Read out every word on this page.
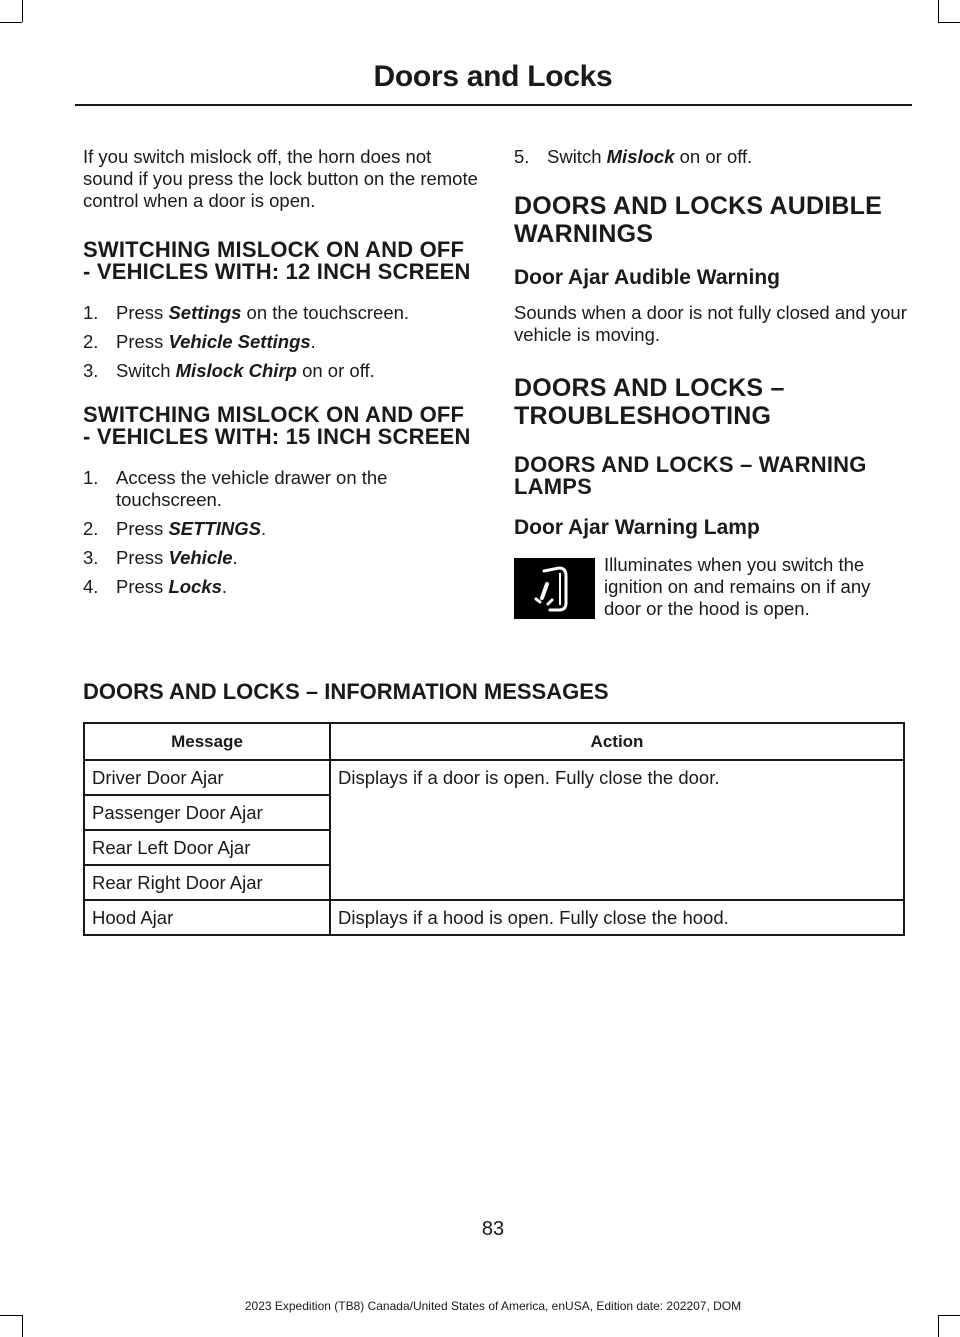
Doors and Locks

If you switch mislock off, the horn does not sound if you press the lock button on the remote control when a door is open.

SWITCHING MISLOCK ON AND OFF - VEHICLES WITH: 12 INCH SCREEN
1. Press Settings on the touchscreen.
2. Press Vehicle Settings.
3. Switch Mislock Chirp on or off.
SWITCHING MISLOCK ON AND OFF - VEHICLES WITH: 15 INCH SCREEN
1. Access the vehicle drawer on the touchscreen.
2. Press SETTINGS.
3. Press Vehicle.
4. Press Locks.
5. Switch Mislock on or off.
DOORS AND LOCKS AUDIBLE WARNINGS
Door Ajar Audible Warning

Sounds when a door is not fully closed and your vehicle is moving.

DOORS AND LOCKS – TROUBLESHOOTING
DOORS AND LOCKS – WARNING LAMPS
Door Ajar Warning Lamp

Illuminates when you switch the ignition on and remains on if any door or the hood is open.

DOORS AND LOCKS – INFORMATION MESSAGES
Message	Action
Driver Door Ajar	Displays if a door is open. Fully close the door.
Passenger Door Ajar	
Rear Left Door Ajar	
Rear Right Door Ajar	
Hood Ajar	Displays if a hood is open. Fully close the hood.
83
2023 Expedition (TB8) Canada/United States of America, enUSA, Edition date: 202207, DOM
